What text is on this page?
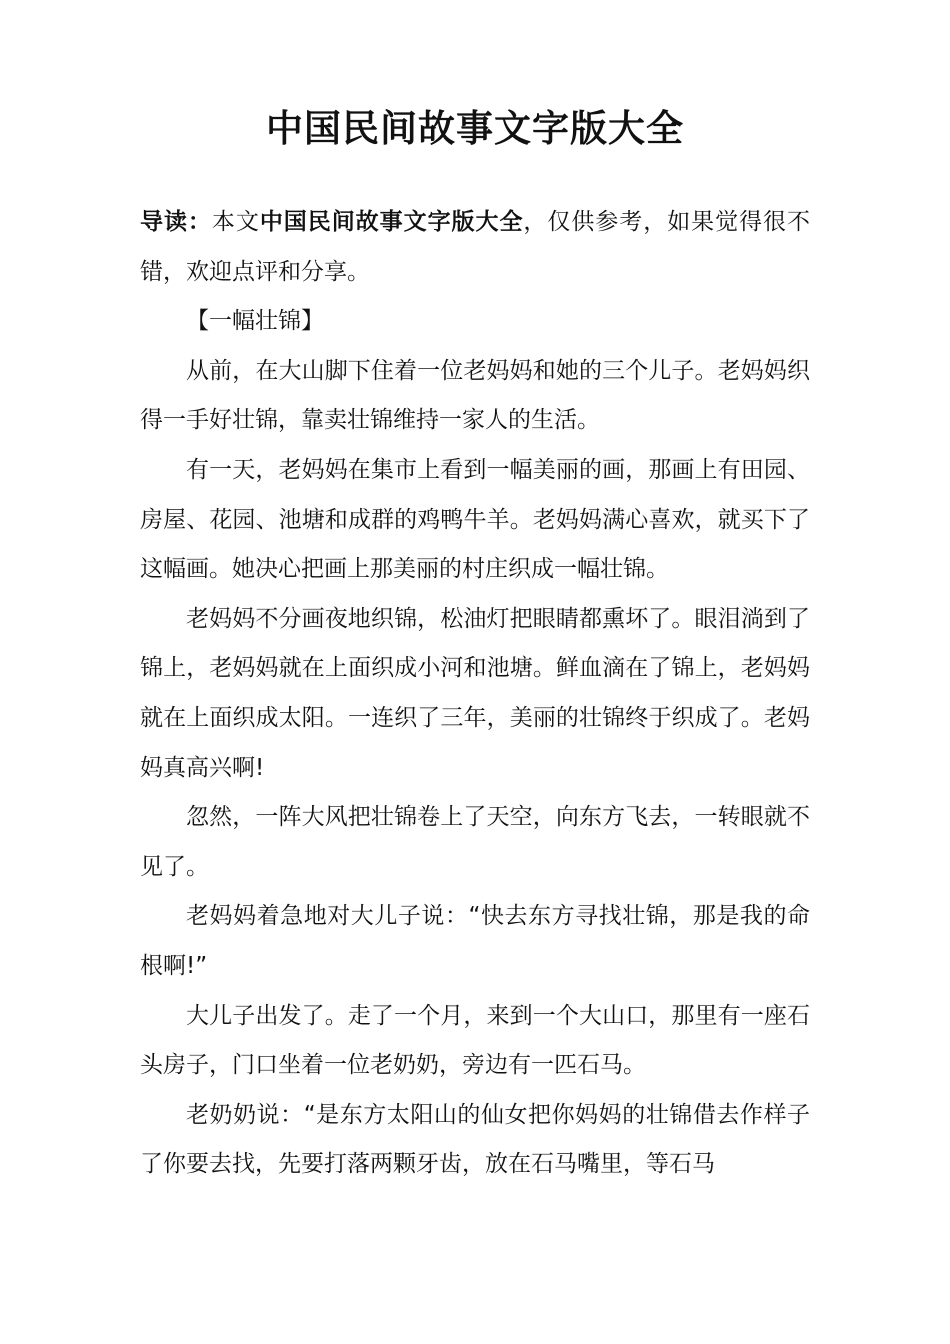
中国民间故事文字版大全

导读：本文中国民间故事文字版大全，仅供参考，如果觉得很不错，欢迎点评和分享。

【一幅壮锦】

从前，在大山脚下住着一位老妈妈和她的三个儿子。老妈妈织得一手好壮锦，靠卖壮锦维持一家人的生活。

有一天，老妈妈在集市上看到一幅美丽的画，那画上有田园、房屋、花园、池塘和成群的鸡鸭牛羊。老妈妈满心喜欢，就买下了这幅画。她决心把画上那美丽的村庄织成一幅壮锦。

老妈妈不分画夜地织锦，松油灯把眼睛都熏坏了。眼泪淌到了锦上，老妈妈就在上面织成小河和池塘。鲜血滴在了锦上，老妈妈就在上面织成太阳。一连织了三年，美丽的壮锦终于织成了。老妈妈真高兴啊!

忽然，一阵大风把壮锦卷上了天空，向东方飞去，一转眼就不见了。

老妈妈着急地对大儿子说：“快去东方寻找壮锦，那是我的命根啊!”

大儿子出发了。走了一个月，来到一个大山口，那里有一座石头房子，门口坐着一位老奶奶，旁边有一匹石马。

老奶奶说：“是东方太阳山的仙女把你妈妈的壮锦借去作样子了你要去找，先要打落两颗牙齿，放在石马嘴里，等石马
